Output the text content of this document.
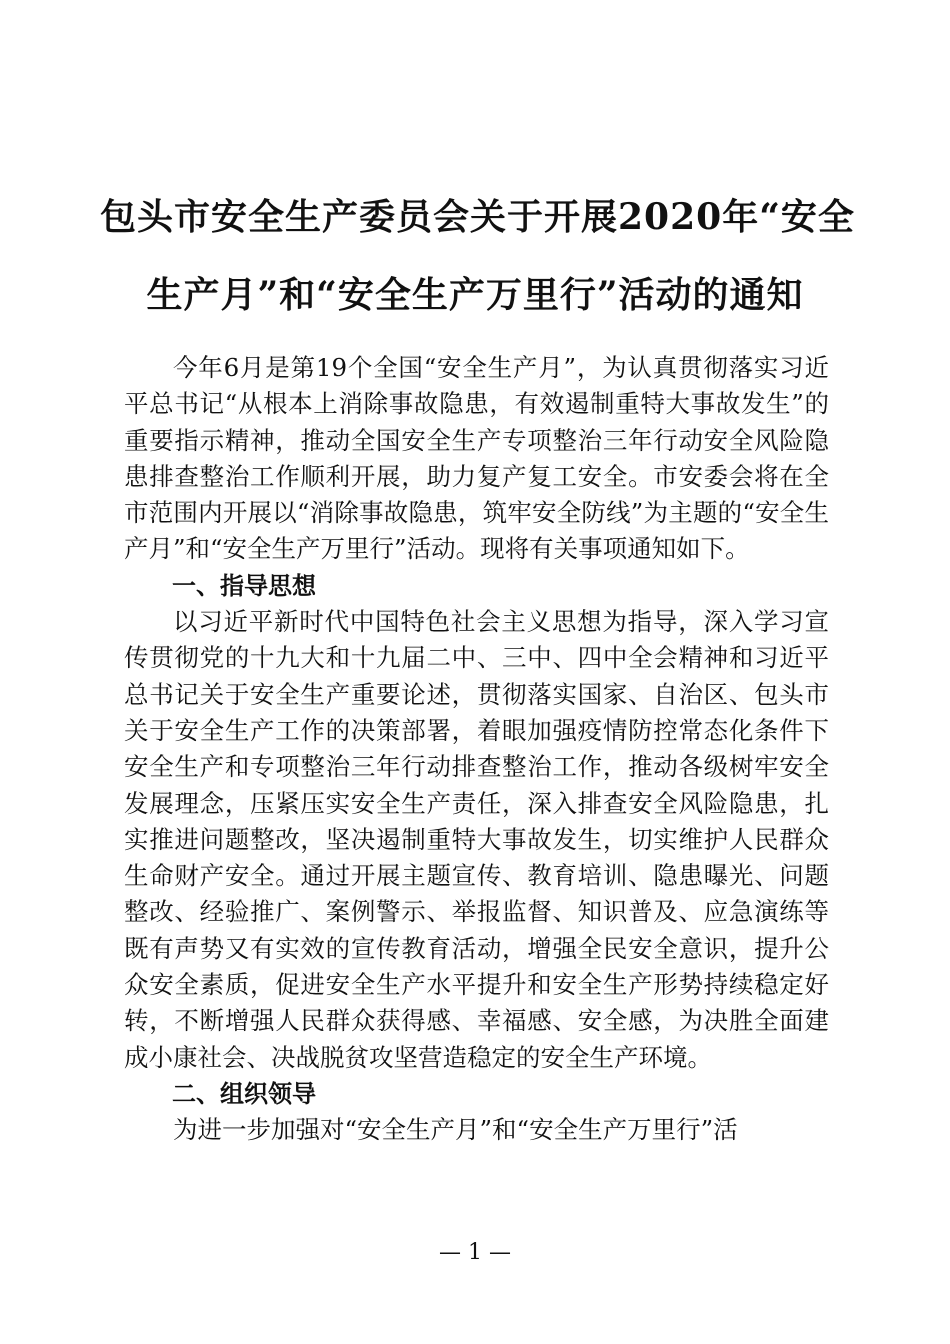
包头市安全生产委员会关于开展2020年“安全
生产月”和“安全生产万里行”活动的通知

今年6月是第19个全国“安全生产月”，为认真贯彻落实习近平总书记“从根本上消除事故隐患，有效遏制重特大事故发生”的重要指示精神，推动全国安全生产专项整治三年行动安全风险隐患排查整治工作顺利开展，助力复产复工安全。市安委会将在全市范围内开展以“消除事故隐患，筑牢安全防线”为主题的“安全生产月”和“安全生产万里行”活动。现将有关事项通知如下。

一、指导思想

以习近平新时代中国特色社会主义思想为指导，深入学习宣传贯彻党的十九大和十九届二中、三中、四中全会精神和习近平总书记关于安全生产重要论述，贯彻落实国家、自治区、包头市关于安全生产工作的决策部署，着眼加强疫情防控常态化条件下安全生产和专项整治三年行动排查整治工作，推动各级树牢安全发展理念，压紧压实安全生产责任，深入排查安全风险隐患，扎实推进问题整改，坚决遏制重特大事故发生，切实维护人民群众生命财产安全。通过开展主题宣传、教育培训、隐患曝光、问题整改、经验推广、案例警示、举报监督、知识普及、应急演练等既有声势又有实效的宣传教育活动，增强全民安全意识，提升公众安全素质，促进安全生产水平提升和安全生产形势持续稳定好转，不断增强人民群众获得感、幸福感、安全感，为决胜全面建成小康社会、决战脱贫攻坚营造稳定的安全生产环境。

二、组织领导

为进一步加强对“安全生产月”和“安全生产万里行”活

— 1 —
